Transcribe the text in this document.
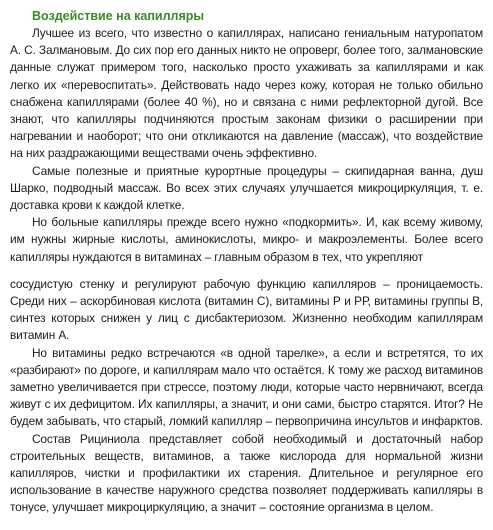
Воздействие на капилляры

Лучшее из всего, что известно о капиллярах, написано гениальным натуропатом А. С. Залмановым. До сих пор его данных никто не опроверг, более того, залмановские данные служат примером того, насколько просто ухаживать за капиллярами и как легко их «перевоспитать». Действовать надо через кожу, которая не только обильно снабжена капиллярами (более 40 %), но и связана с ними рефлекторной дугой. Все знают, что капилляры подчиняются простым законам физики о расширении при нагревании и наоборот; что они откликаются на давление (массаж), что воздействие на них раздражающими веществами очень эффективно.

Самые полезные и приятные курортные процедуры – скипидарная ванна, душ Шарко, подводный массаж. Во всех этих случаях улучшается микроциркуляция, т. е. доставка крови к каждой клетке.

Но больные капилляры прежде всего нужно «подкормить». И, как всему живому, им нужны жирные кислоты, аминокислоты, микро- и макроэлементы. Более всего капилляры нуждаются в витаминах – главным образом в тех, что укрепляют

сосудистую стенку и регулируют рабочую функцию капилляров – проницаемость. Среди них – аскорбиновая кислота (витамин С), витамины Р и РР, витамины группы В, синтез которых снижен у лиц с дисбактериозом. Жизненно необходим капиллярам витамин А.

Но витамины редко встречаются «в одной тарелке», а если и встретятся, то их «разбирают» по дороге, и капиллярам мало что остаётся. К тому же расход витаминов заметно увеличивается при стрессе, поэтому люди, которые часто нервничают, всегда живут с их дефицитом. Их капилляры, а значит, и они сами, быстро старятся. Итог? Не будем забывать, что старый, ломкий капилляр – первопричина инсультов и инфарктов.

Состав Рициниола представляет собой необходимый и достаточный набор строительных веществ, витаминов, а также кислорода для нормальной жизни капилляров, чистки и профилактики их старения. Длительное и регулярное его использование в качестве наружного средства позволяет поддерживать капилляры в тонусе, улучшает микроциркуляцию, а значит – состояние организма в целом.
